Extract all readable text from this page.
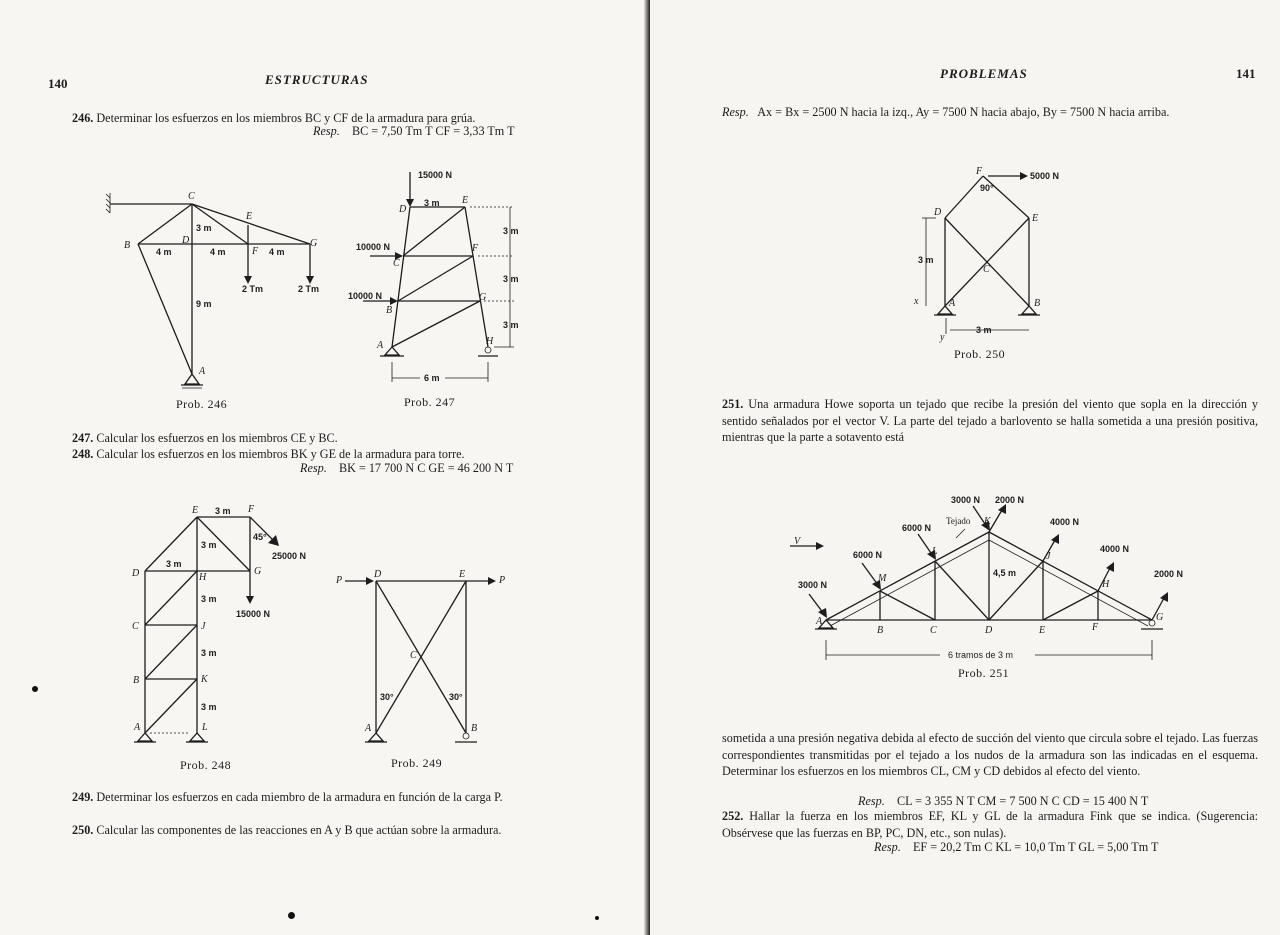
140	ESTRUCTURAS
246. Determinar los esfuerzos en los miembros BC y CF de la armadura para grúa.
Resp. BC = 7,50 Tm T CF = 3,33 Tm T
C
E
D
B
F
G
A
3 m
4 m	4 m	4 m
9 m
2 Tm	2 Tm
Prob. 246
15000 N
D
E
3 m
10000 N
C
F
10000 N
B
G
A	H
3 m
3 m
3 m
6 m
Prob. 247
247. Calcular los esfuerzos en los miembros CE y BC.
248. Calcular los esfuerzos en los miembros BK y GE de la armadura para torre.
Resp. BK = 17 700 N C GE = 46 200 N T
E 3 m F
3 m
45°
25000 N
3 m
D	H
G
3 m
15000 N
C	J
3 m
B	K
3 m
A	L
Prob. 248
P
D	E
P
C
30°	30°
A	B
Prob. 249
249. Determinar los esfuerzos en cada miembro de la armadura en función de la carga P.
250. Calcular las componentes de las reacciones en A y B que actúan sobre la armadura.
PROBLEMAS	141
Resp. Ax = Bx = 2500 N hacia la izq., Ay = 7500 N hacia abajo, By = 7500 N hacia arriba.
F
90°
5000 N
D
E
3 m
C
x	A	B
3 m
y
Prob. 250
251. Una armadura Howe soporta un tejado que recibe la presión del viento que sopla en la dirección y sentido señalados por el vector V. La parte del tejado a barlovento se halla sometida a una presión positiva, mientras que la parte a sotavento está
V
3000 N
6000 N
6000 N
3000 N 2000 N
4000 N
4000 N
2000 N
Tejado K
L
M
J
H
4,5 m
A
B	C	D	E	F
G
6 tramos de 3 m
Prob. 251
sometida a una presión negativa debida al efecto de succión del viento que circula sobre el tejado. Las fuerzas correspondientes transmitidas por el tejado a los nudos de la armadura son las indicadas en el esquema. Determinar los esfuerzos en los miembros CL, CM y CD debidos al efecto del viento.
Resp. CL = 3 355 N T CM = 7 500 N C CD = 15 400 N T
252. Hallar la fuerza en los miembros EF, KL y GL de la armadura Fink que se indica. (Sugerencia: Obsérvese que las fuerzas en BP, PC, DN, etc., son nulas).
Resp. EF = 20,2 Tm C KL = 10,0 Tm T GL = 5,00 Tm T
